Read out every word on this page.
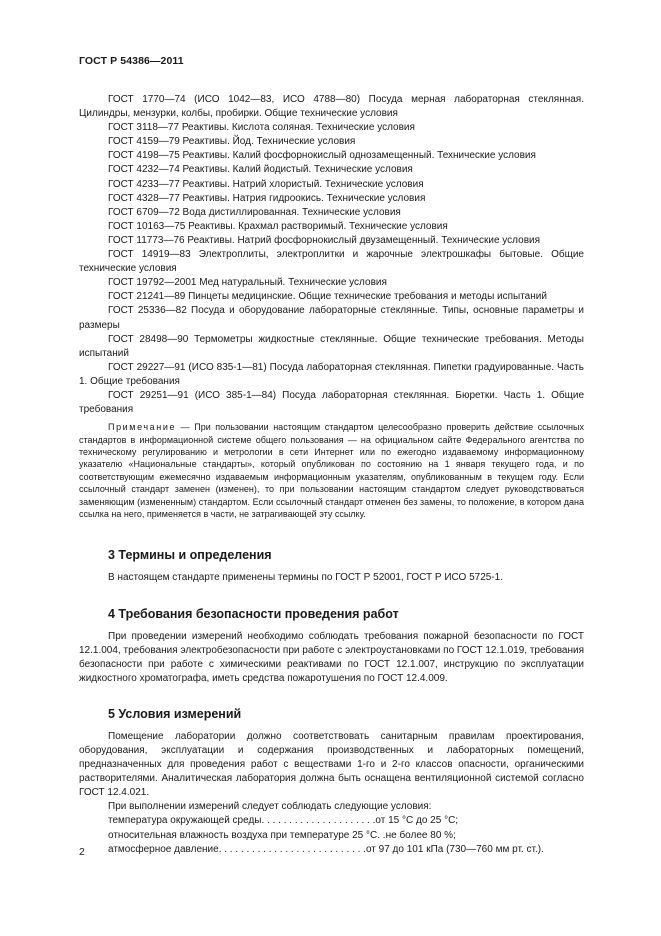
ГОСТ Р 54386—2011

ГОСТ 1770—74 (ИСО 1042—83, ИСО 4788—80) Посуда мерная лабораторная стеклянная. Цилиндры, мензурки, колбы, пробирки. Общие технические условия

ГОСТ 3118—77 Реактивы. Кислота соляная. Технические условия

ГОСТ 4159—79 Реактивы. Йод. Технические условия

ГОСТ 4198—75 Реактивы. Калий фосфорнокислый однозамещенный. Технические условия

ГОСТ 4232—74 Реактивы. Калий йодистый. Технические условия

ГОСТ 4233—77 Реактивы. Натрий хлористый. Технические условия

ГОСТ 4328—77 Реактивы. Натрия гидроокись. Технические условия

ГОСТ 6709—72 Вода дистиллированная. Технические условия

ГОСТ 10163—75 Реактивы. Крахмал растворимый. Технические условия

ГОСТ 11773—76 Реактивы. Натрий фосфорнокислый двузамещенный. Технические условия

ГОСТ 14919—83 Электроплиты, электроплитки и жарочные электрошкафы бытовые. Общие технические условия

ГОСТ 19792—2001 Мед натуральный. Технические условия

ГОСТ 21241—89 Пинцеты медицинские. Общие технические требования и методы испытаний

ГОСТ 25336—82 Посуда и оборудование лабораторные стеклянные. Типы, основные параметры и размеры

ГОСТ 28498—90 Термометры жидкостные стеклянные. Общие технические требования. Методы испытаний

ГОСТ 29227—91 (ИСО 835-1—81) Посуда лабораторная стеклянная. Пипетки градуированные. Часть 1. Общие требования

ГОСТ 29251—91 (ИСО 385-1—84) Посуда лабораторная стеклянная. Бюретки. Часть 1. Общие требования

Примечание — При пользовании настоящим стандартом целесообразно проверить действие ссылочных стандартов в информационной системе общего пользования — на официальном сайте Федерального агентства по техническому регулированию и метрологии в сети Интернет или по ежегодно издаваемому информационному указателю «Национальные стандарты», который опубликован по состоянию на 1 января текущего года, и по соответствующим ежемесячно издаваемым информационным указателям, опубликованным в текущем году. Если ссылочный стандарт заменен (изменен), то при пользовании настоящим стандартом следует руководствоваться заменяющим (измененным) стандартом. Если ссылочный стандарт отменен без замены, то положение, в котором дана ссылка на него, применяется в части, не затрагивающей эту ссылку.

3 Термины и определения

В настоящем стандарте применены термины по ГОСТ Р 52001, ГОСТ Р ИСО 5725-1.

4 Требования безопасности проведения работ

При проведении измерений необходимо соблюдать требования пожарной безопасности по ГОСТ 12.1.004, требования электробезопасности при работе с электроустановками по ГОСТ 12.1.019, требования безопасности при работе с химическими реактивами по ГОСТ 12.1.007, инструкцию по эксплуатации жидкостного хроматографа, иметь средства пожаротушения по ГОСТ 12.4.009.

5 Условия измерений

Помещение лаборатории должно соответствовать санитарным правилам проектирования, оборудования, эксплуатации и содержания производственных и лабораторных помещений, предназначенных для проведения работ с веществами 1-го и 2-го классов опасности, органическими растворителями. Аналитическая лаборатория должна быть оснащена вентиляционной системой согласно ГОСТ 12.4.021.

При выполнении измерений следует соблюдать следующие условия:

температура окружающей среды . . . . . . . . . . . . . . . . . . . . . от 15 °С до 25 °С;
относительная влажность воздуха при температуре 25 °С . . не более 80 %;
атмосферное давление . . . . . . . . . . . . . . . . . . . . . . . . . . . от 97 до 101 кПа (730—760 мм рт. ст.).
2
